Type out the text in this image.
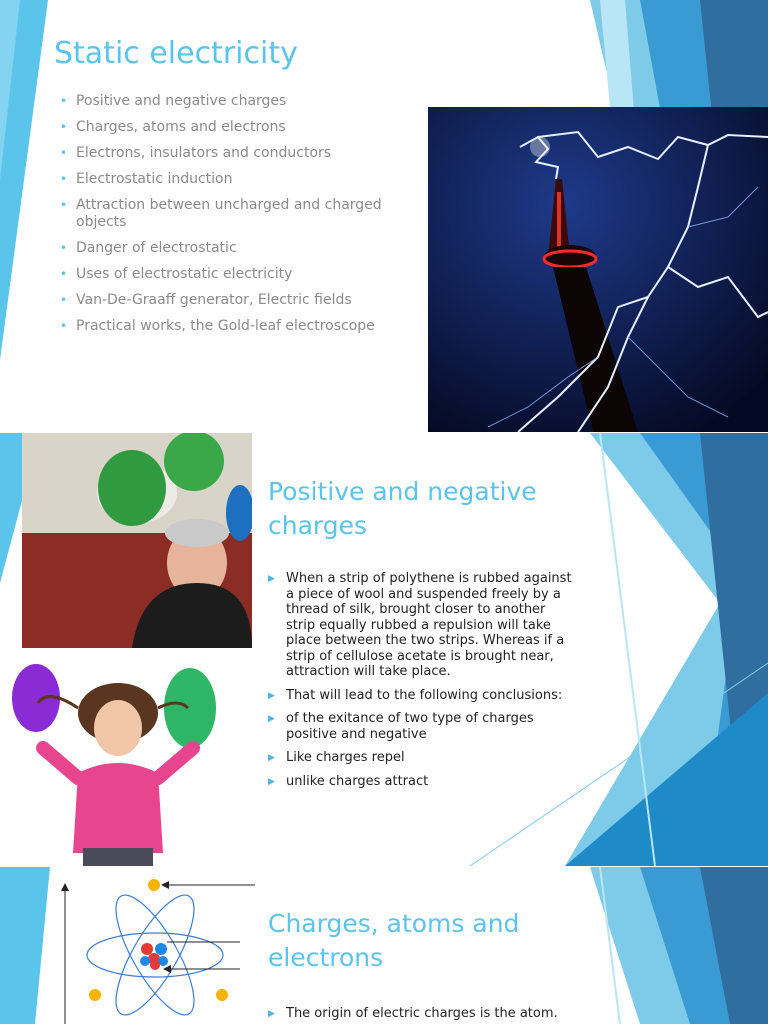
Static electricity
• Positive and negative charges
• Charges, atoms and electrons
• Electrons, insulators and conductors
• Electrostatic induction
• Attraction between uncharged and charged objects
• Danger of electrostatic
• Uses of electrostatic electricity
• Van-De-Graaff generator, Electric fields
• Practical works, the Gold-leaf electroscope
Positive and negative charges
▶ When a strip of polythene is rubbed against a piece of wool and suspended freely by a thread of silk, brought closer to another strip equally rubbed a repulsion will take place between the two strips. Whereas if a strip of cellulose acetate is brought near, attraction will take place.
▶ That will lead to the following conclusions:
▶ of the exitance of two type of charges positive and negative
▶ Like charges repel
▶ unlike charges attract
Charges, atoms and electrons
▶ The origin of electric charges is the atom.
